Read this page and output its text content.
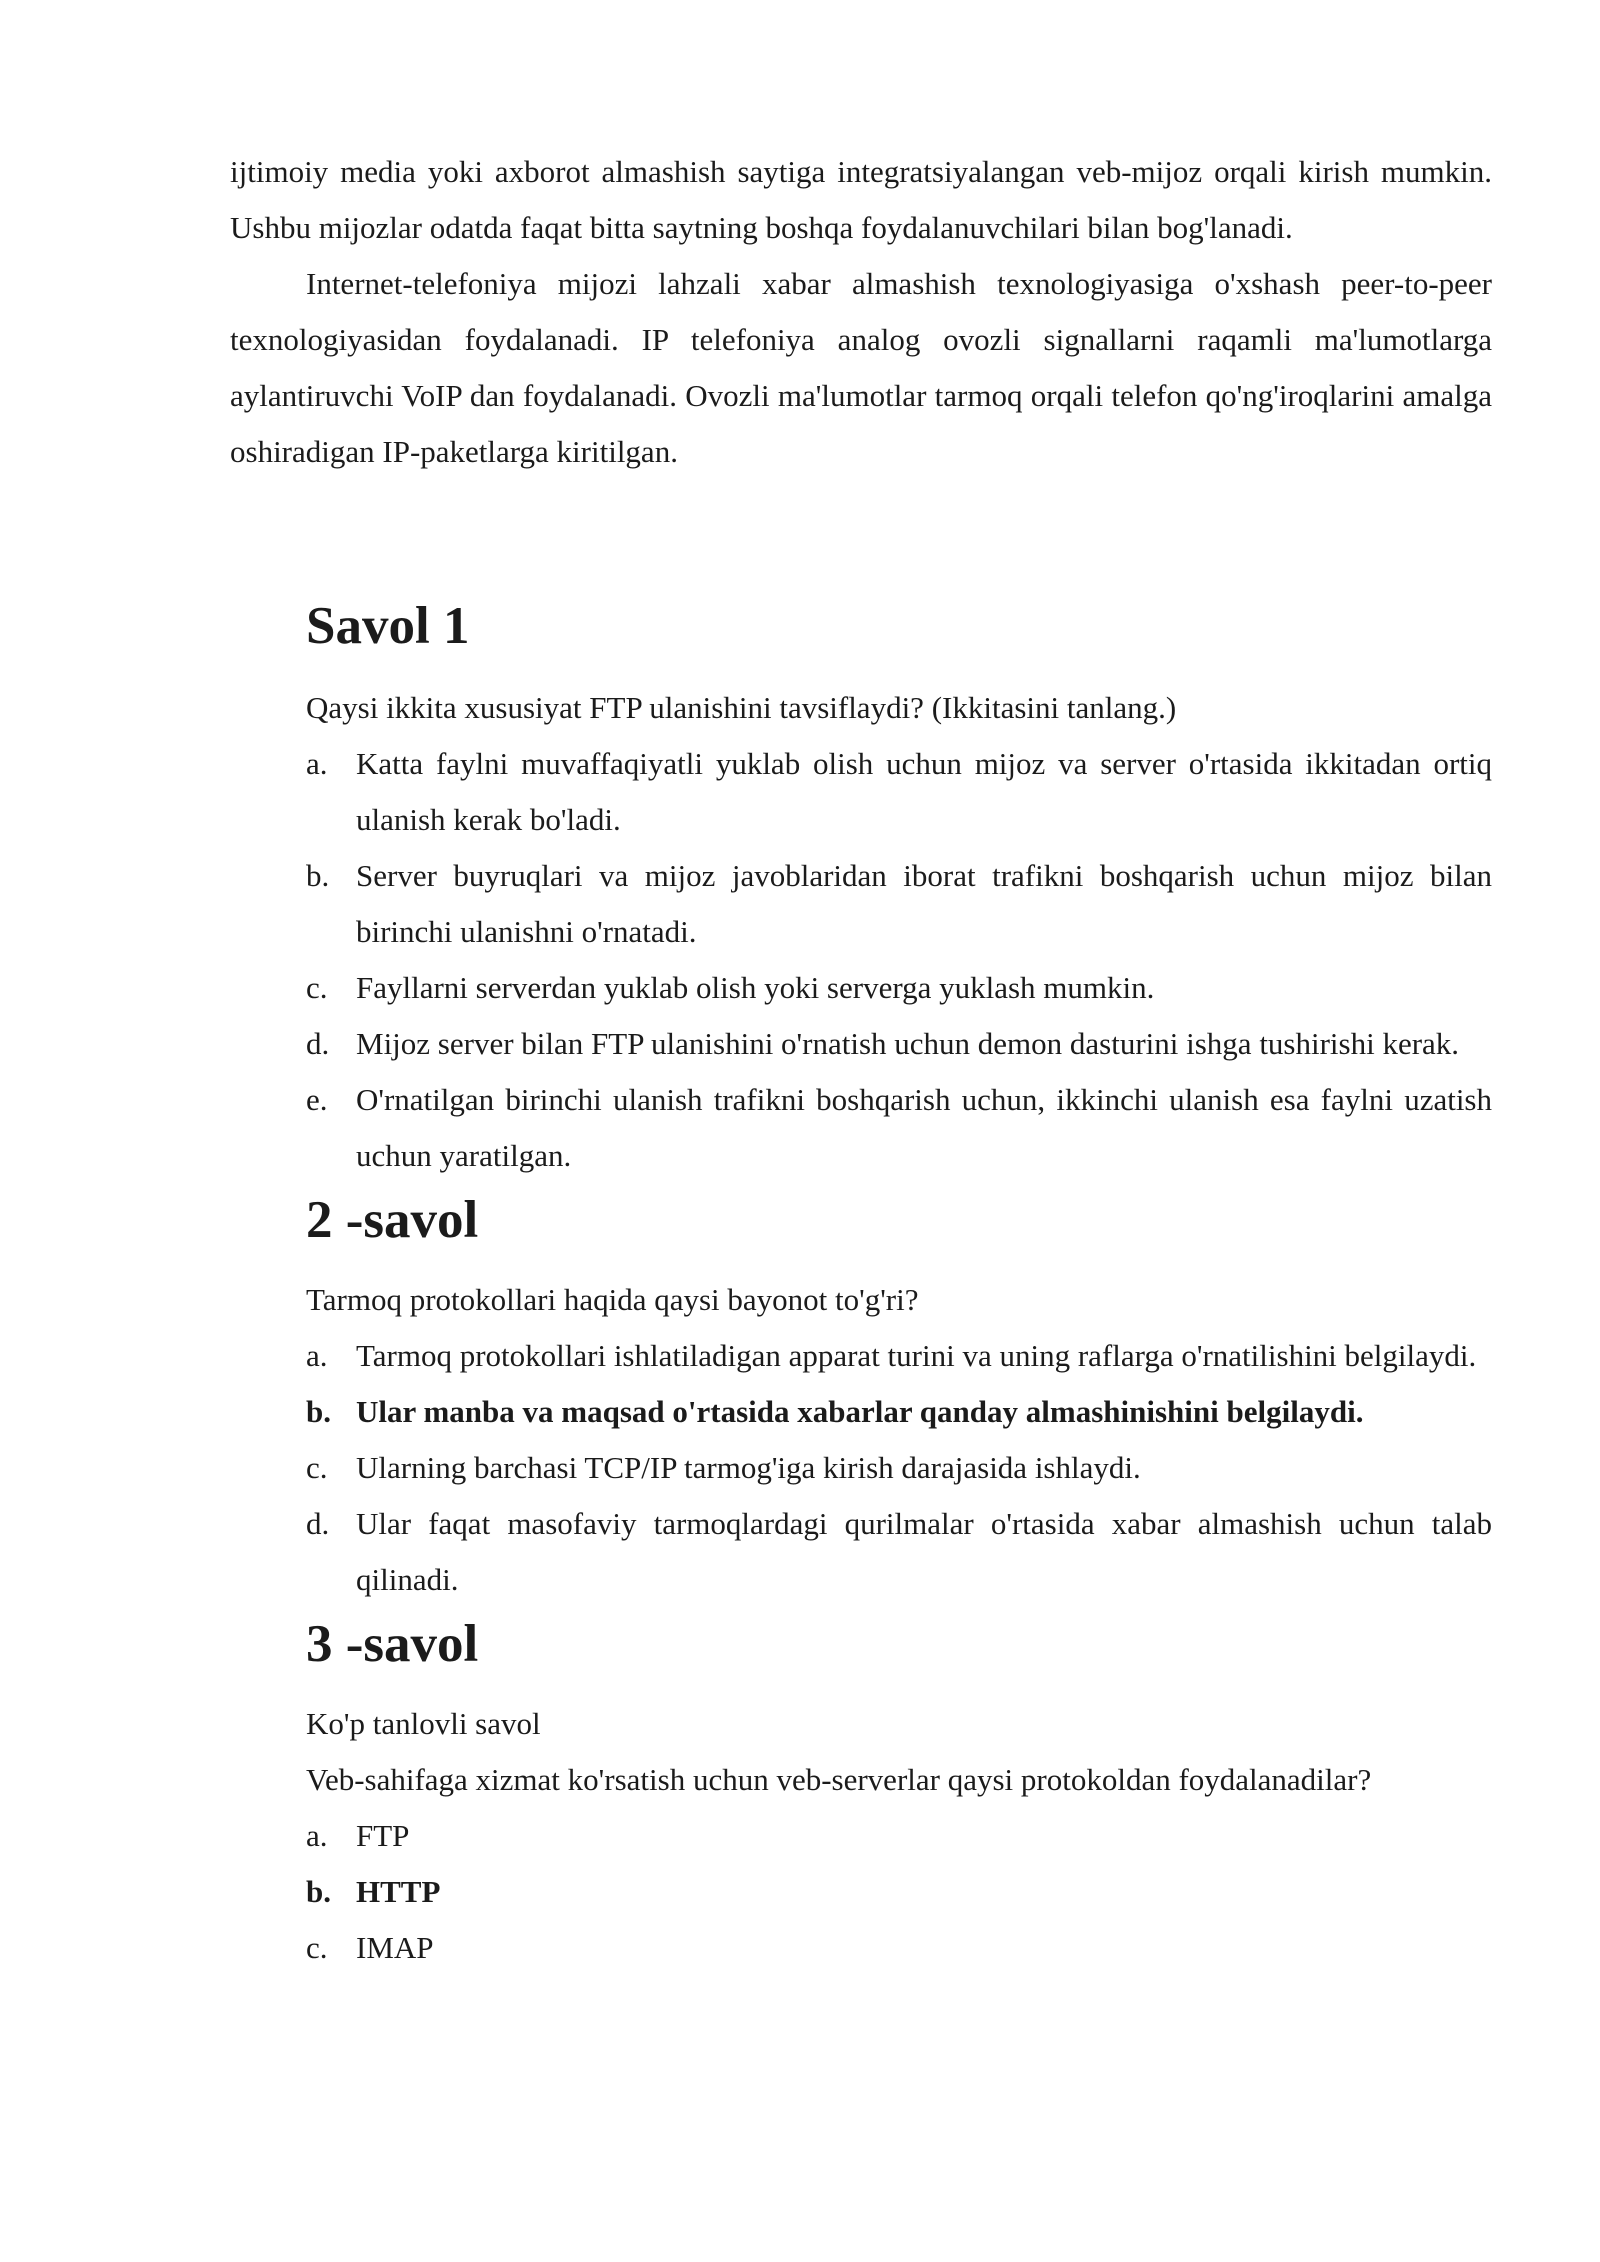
ijtimoiy media yoki axborot almashish saytiga integratsiyalangan veb-mijoz orqali kirish mumkin. Ushbu mijozlar odatda faqat bitta saytning boshqa foydalanuvchilari bilan bog'lanadi.

Internet-telefoniya mijozi lahzali xabar almashish texnologiyasiga o'xshash peer-to-peer texnologiyasidan foydalanadi. IP telefoniya analog ovozli signallarni raqamli ma'lumotlarga aylantiruvchi VoIP dan foydalanadi. Ovozli ma'lumotlar tarmoq orqali telefon qo'ng'iroqlarini amalga oshiradigan IP-paketlarga kiritilgan.

Savol 1

Qaysi ikkita xususiyat FTP ulanishini tavsiflaydi? (Ikkitasini tanlang.)

a. Katta faylni muvaffaqiyatli yuklab olish uchun mijoz va server o'rtasida ikkitadan ortiq ulanish kerak bo'ladi.
b. Server buyruqlari va mijoz javoblaridan iborat trafikni boshqarish uchun mijoz bilan birinchi ulanishni o'rnatadi.
c. Fayllarni serverdan yuklab olish yoki serverga yuklash mumkin.
d. Mijoz server bilan FTP ulanishini o'rnatish uchun demon dasturini ishga tushirishi kerak.
e. O'rnatilgan birinchi ulanish trafikni boshqarish uchun, ikkinchi ulanish esa faylni uzatish uchun yaratilgan.
2 -savol

Tarmoq protokollari haqida qaysi bayonot to'g'ri?

a. Tarmoq protokollari ishlatiladigan apparat turini va uning raflarga o'rnatilishini belgilaydi.
b. Ular manba va maqsad o'rtasida xabarlar qanday almashinishini belgilaydi.
c. Ularning barchasi TCP/IP tarmog'iga kirish darajasida ishlaydi.
d. Ular faqat masofaviy tarmoqlardagi qurilmalar o'rtasida xabar almashish uchun talab qilinadi.
3 -savol

Ko'p tanlovli savol

Veb-sahifaga xizmat ko'rsatish uchun veb-serverlar qaysi protokoldan foydalanadilar?

a. FTP
b. HTTP
c. IMAP
